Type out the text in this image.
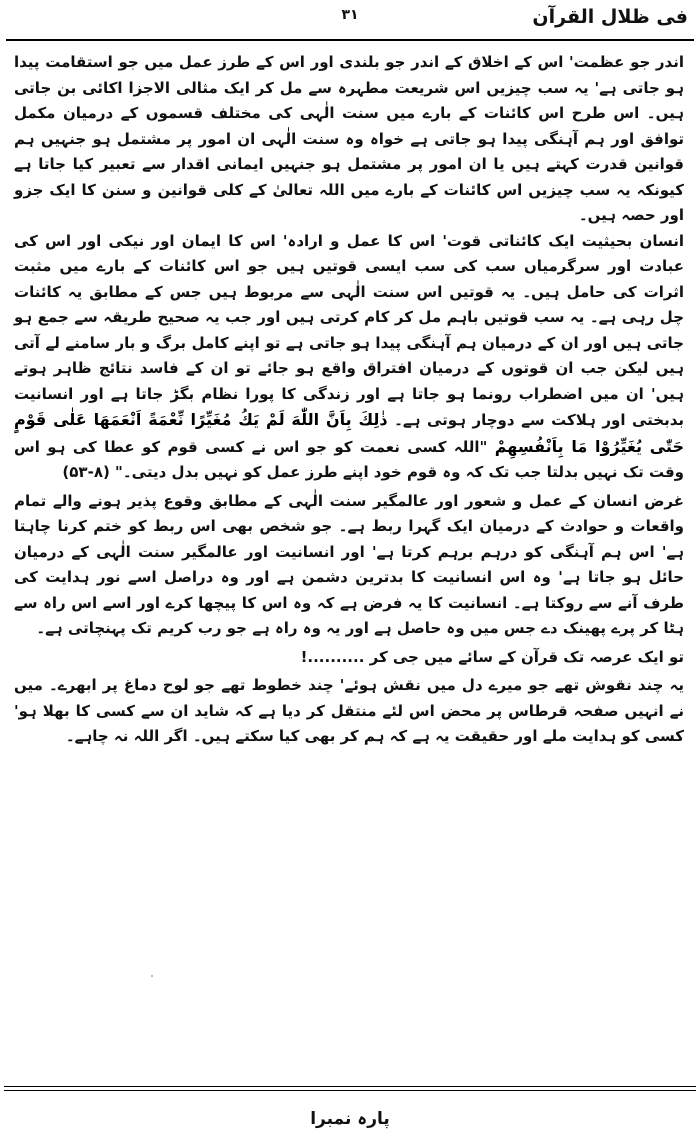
فی ظلال القرآن
۳۱

اندر جو عظمت' اس کے اخلاق کے اندر جو بلندی اور اس کے طرز عمل میں جو استقامت پیدا ہو جاتی ہے' یہ سب چیزیں اس شریعت مطہرہ سے مل کر ایک مثالی الاجزا اکائی بن جاتی ہیں۔ اس طرح اس کائنات کے بارے میں سنت الٰہی کی مختلف قسموں کے درمیان مکمل توافق اور ہم آہنگی پیدا ہو جاتی ہے خواہ وہ سنت الٰہی ان امور پر مشتمل ہو جنہیں ہم قوانین قدرت کہتے ہیں یا ان امور پر مشتمل ہو جنہیں ایمانی اقدار سے تعبیر کیا جاتا ہے کیونکہ یہ سب چیزیں اس کائنات کے بارے میں اللہ تعالیٰ کے کلی قوانین و سنن کا ایک جزو اور حصہ ہیں۔

انسان بحیثیت ایک کائناتی قوت' اس کا عمل و ارادہ' اس کا ایمان اور نیکی اور اس کی عبادت اور سرگرمیاں سب کی سب ایسی قوتیں ہیں جو اس کائنات کے بارے میں مثبت اثرات کی حامل ہیں۔ یہ قوتیں اس سنت الٰہی سے مربوط ہیں جس کے مطابق یہ کائنات چل رہی ہے۔ یہ سب قوتیں باہم مل کر کام کرتی ہیں اور جب یہ صحیح طریقہ سے جمع ہو جاتی ہیں اور ان کے درمیان ہم آہنگی پیدا ہو جاتی ہے تو اپنے کامل برگ و بار سامنے لے آتی ہیں لیکن جب ان قوتوں کے درمیان افتراق واقع ہو جائے تو ان کے فاسد نتائج ظاہر ہوتے ہیں' ان میں اضطراب رونما ہو جاتا ہے اور زندگی کا پورا نظام بگڑ جاتا ہے اور انسانیت بدبختی اور ہلاکت سے دوچار ہوتی ہے۔ ذٰلِكَ بِاَنَّ اللّٰهَ لَمْ يَكُ مُغَيِّرًا نِّعْمَةً اَنْعَمَهَا عَلٰى قَوْمٍ حَتّٰى يُغَيِّرُوْا مَا بِاَنْفُسِهِمْ "اللہ کسی نعمت کو جو اس نے کسی قوم کو عطا کی ہو اس وقت تک نہیں بدلتا جب تک کہ وہ قوم خود اپنے طرز عمل کو نہیں بدل دیتی۔" (۸-۵۳)

غرض انسان کے عمل و شعور اور عالمگیر سنت الٰہی کے مطابق وقوع پذیر ہونے والے تمام واقعات و حوادث کے درمیان ایک گہرا ربط ہے۔ جو شخص بھی اس ربط کو ختم کرنا چاہتا ہے' اس ہم آہنگی کو درہم برہم کرتا ہے' اور انسانیت اور عالمگیر سنت الٰہی کے درمیان حائل ہو جاتا ہے' وہ اس انسانیت کا بدترین دشمن ہے اور وہ دراصل اسے نور ہدایت کی طرف آنے سے روکتا ہے۔ انسانیت کا یہ فرض ہے کہ وہ اس کا پیچھا کرے اور اسے اس راہ سے ہٹا کر پرے پھینک دے جس میں وہ حاصل ہے اور یہ وہ راہ ہے جو رب کریم تک پہنچاتی ہے۔

تو ایک عرصہ تک قرآن کے سائے میں جی کر ..........!

یہ چند نقوش تھے جو میرے دل میں نقش ہوئے' چند خطوط تھے جو لوح دماغ پر ابھرے۔ میں نے انہیں صفحہ قرطاس پر محض اس لئے منتقل کر دیا ہے کہ شاید ان سے کسی کا بھلا ہو' کسی کو ہدایت ملے اور حقیقت یہ ہے کہ ہم کر بھی کیا سکتے ہیں۔ اگر اللہ نہ چاہے۔

پارہ نمبرا
